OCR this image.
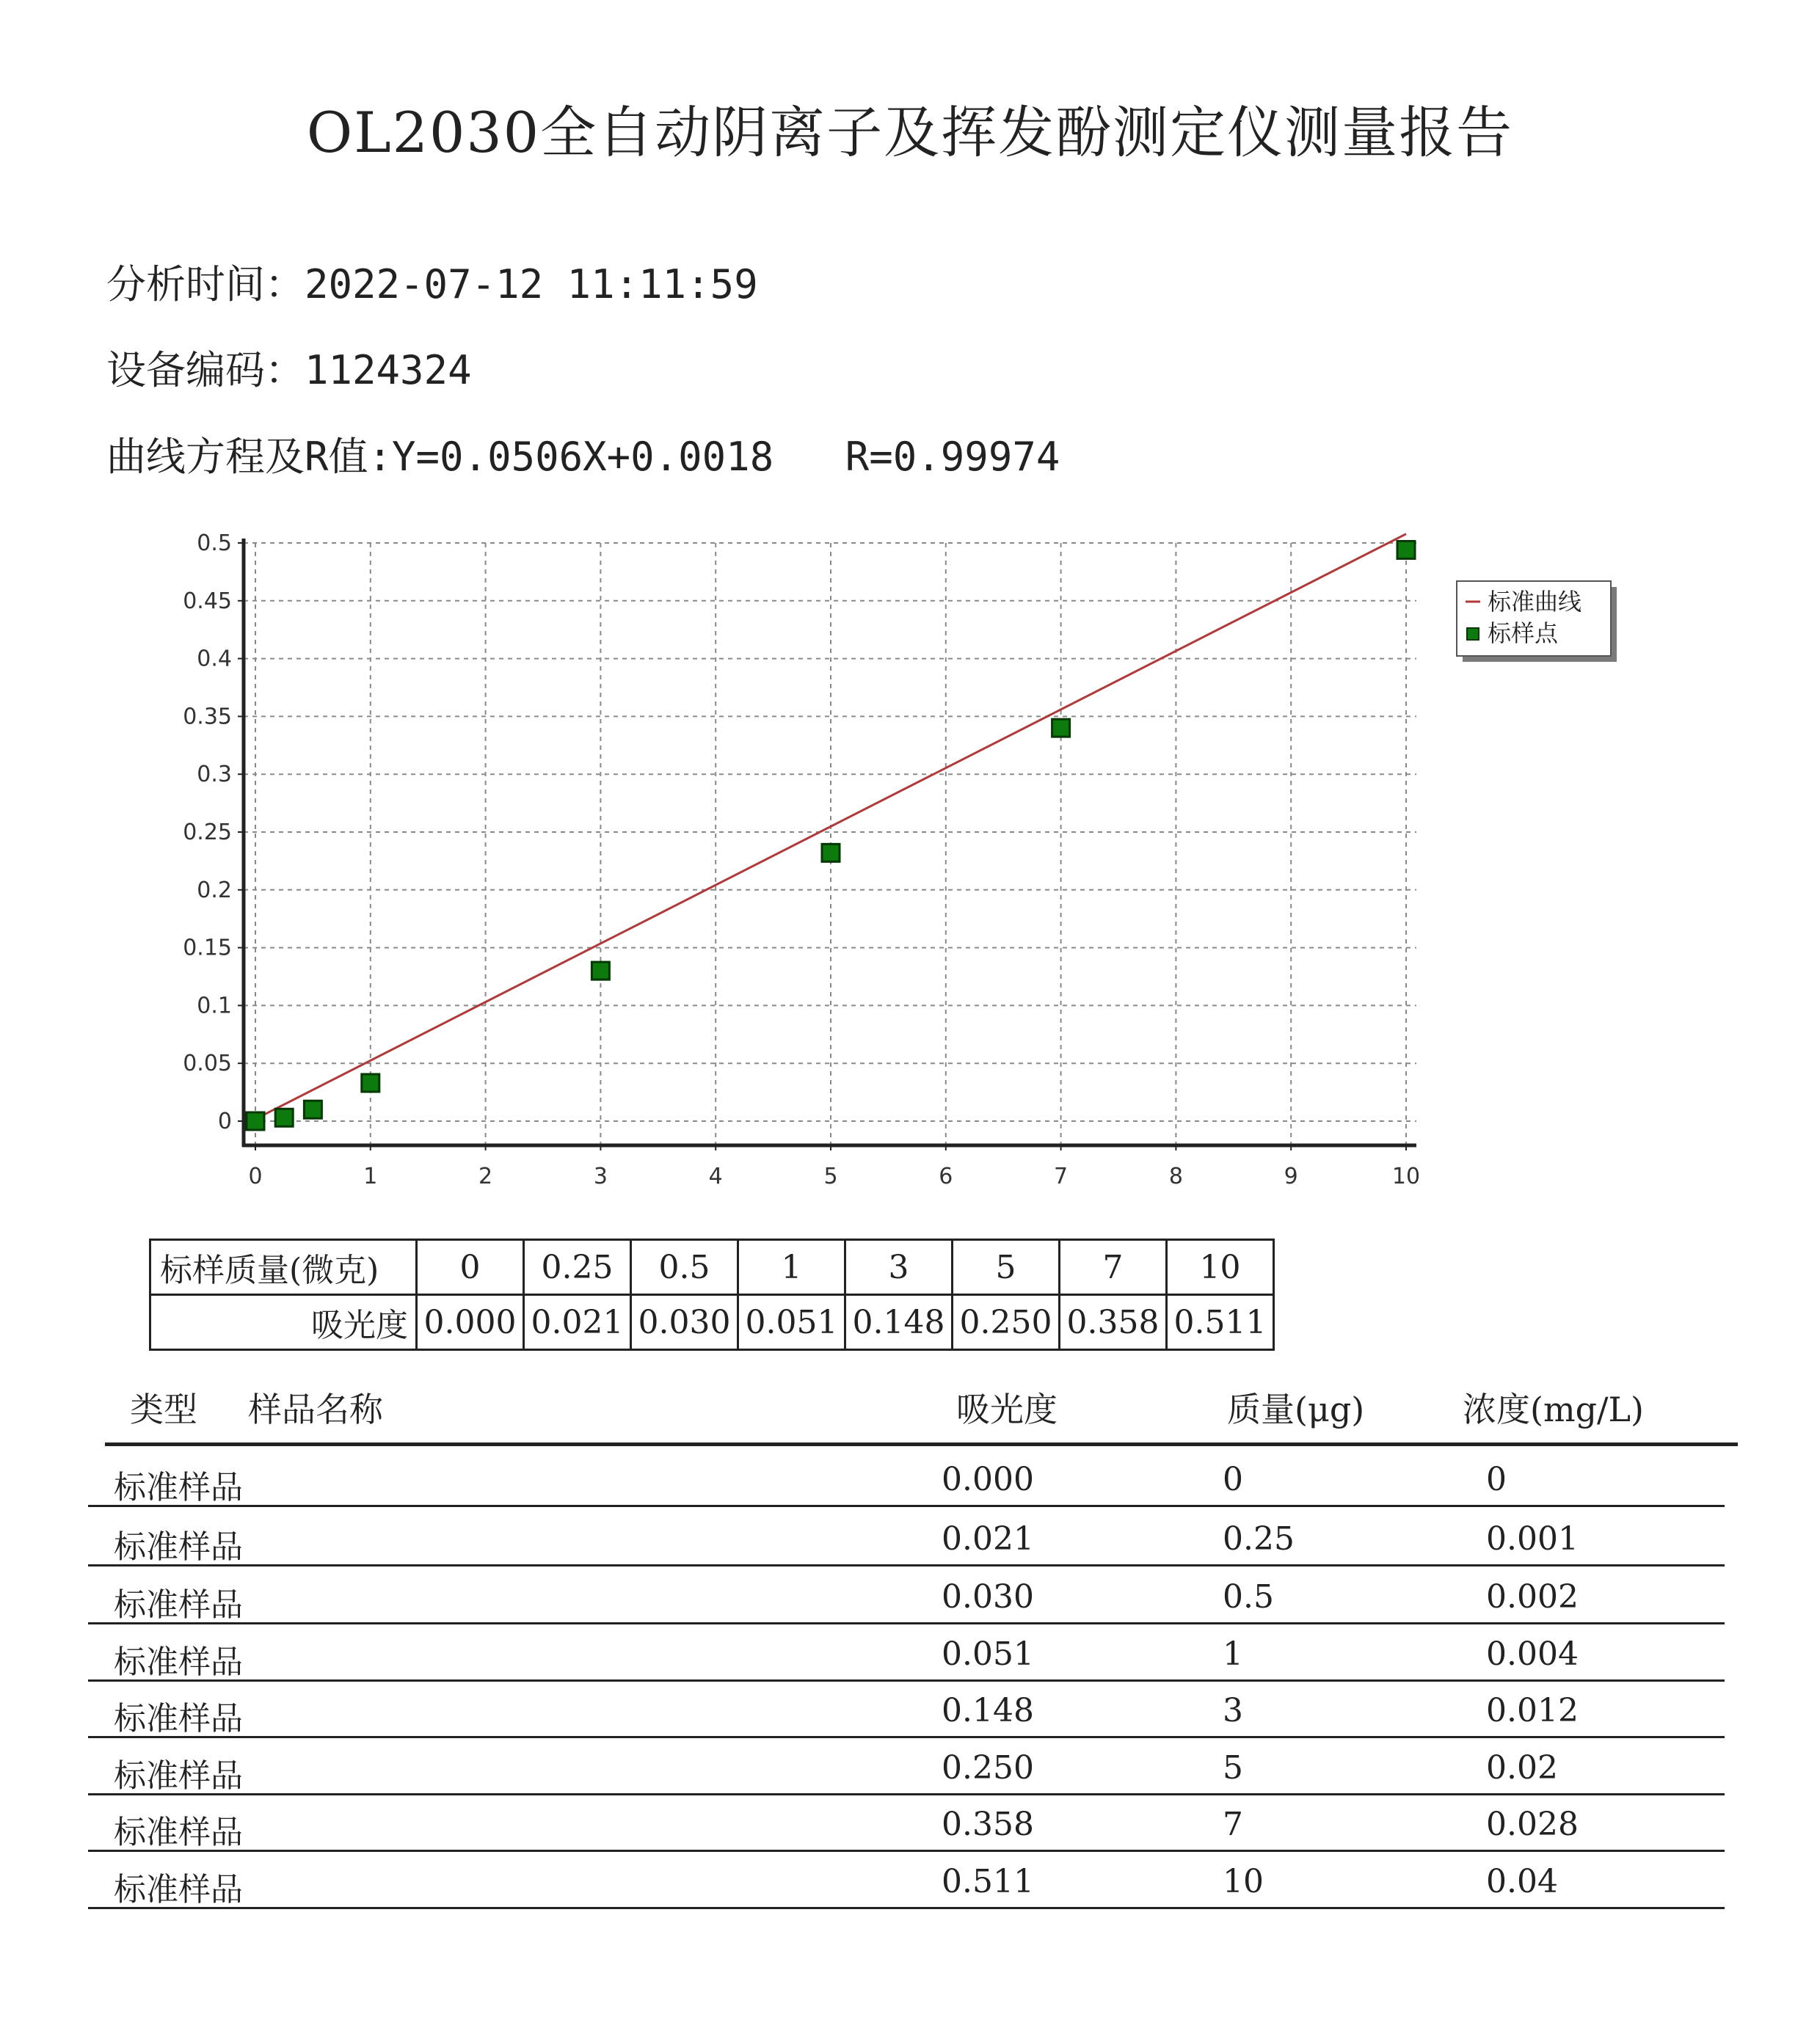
OL2030全自动阴离子及挥发酚测定仪测量报告
分析时间：2022-07-12 11:11:59
设备编码：1124324
曲线方程及R值:Y=0.0506X+0.0018 R=0.99974
0	1	2	3	4	5	6	7	8	9	10
0
0.05
0.1
0.15
0.2
0.25
0.3
0.35
0.4
0.45
0.5
标准曲线
标样点
标样质量(微克)	0	0.25	0.5	1	3	5	7	10
吸光度	0.000	0.021	0.030	0.051	0.148	0.250	0.358	0.511
类型 样品名称	吸光度	质量(μg)	浓度(mg/L)
标准样品	0.000	0	0
标准样品	0.021	0.25	0.001
标准样品	0.030	0.5	0.002
标准样品	0.051	1	0.004
标准样品	0.148	3	0.012
标准样品	0.250	5	0.02
标准样品	0.358	7	0.028
标准样品	0.511	10	0.04
